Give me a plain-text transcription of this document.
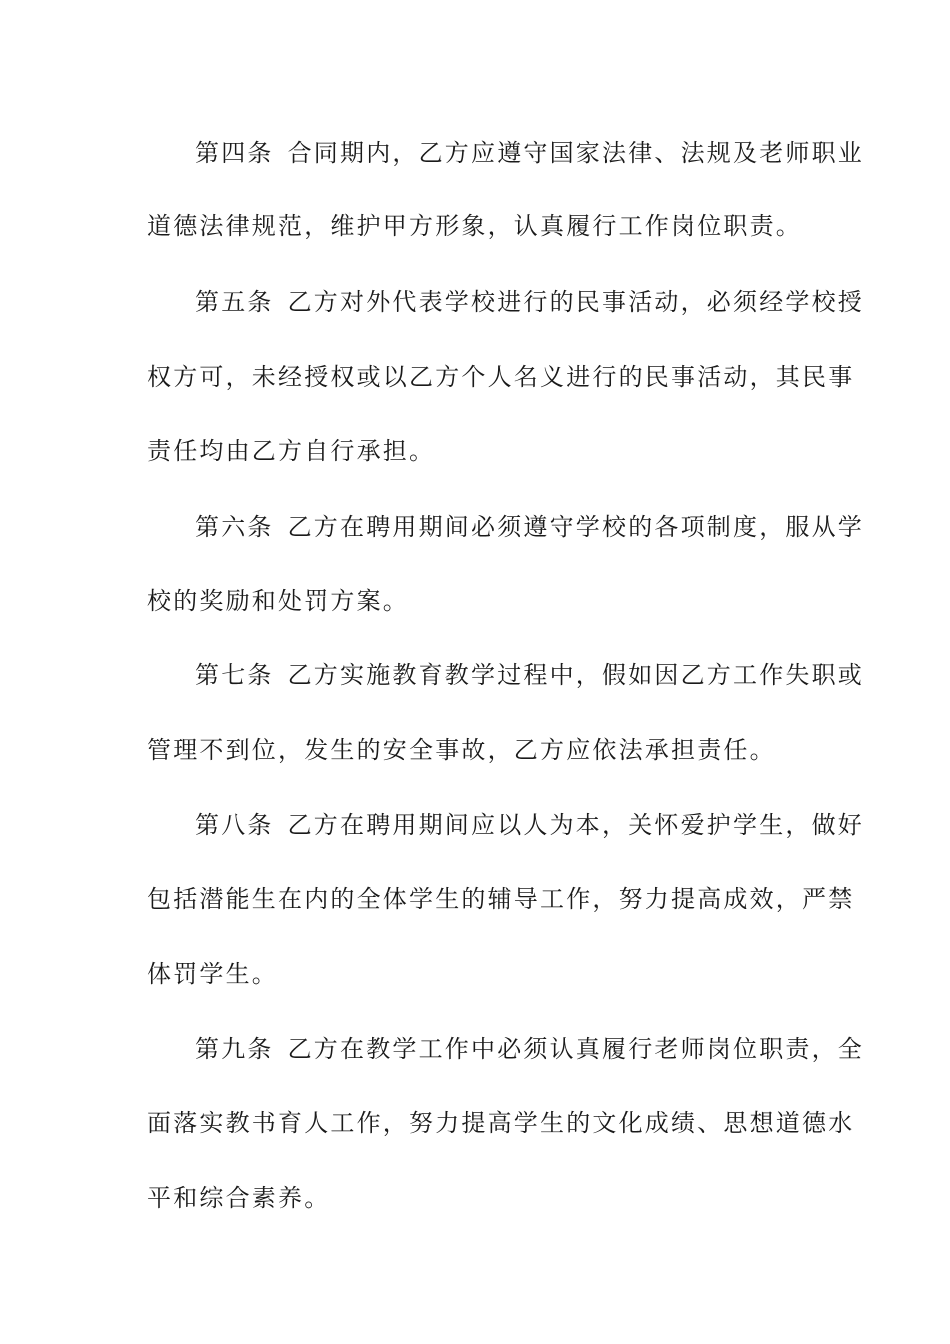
第四条 合同期内，乙方应遵守国家法律、法规及老师职业
道德法律规范，维护甲方形象，认真履行工作岗位职责。
第五条 乙方对外代表学校进行的民事活动，必须经学校授
权方可，未经授权或以乙方个人名义进行的民事活动，其民事
责任均由乙方自行承担。
第六条 乙方在聘用期间必须遵守学校的各项制度，服从学
校的奖励和处罚方案。
第七条 乙方实施教育教学过程中，假如因乙方工作失职或
管理不到位，发生的安全事故，乙方应依法承担责任。
第八条 乙方在聘用期间应以人为本，关怀爱护学生，做好
包括潜能生在内的全体学生的辅导工作，努力提高成效，严禁
体罚学生。
第九条 乙方在教学工作中必须认真履行老师岗位职责，全
面落实教书育人工作，努力提高学生的文化成绩、思想道德水
平和综合素养。
